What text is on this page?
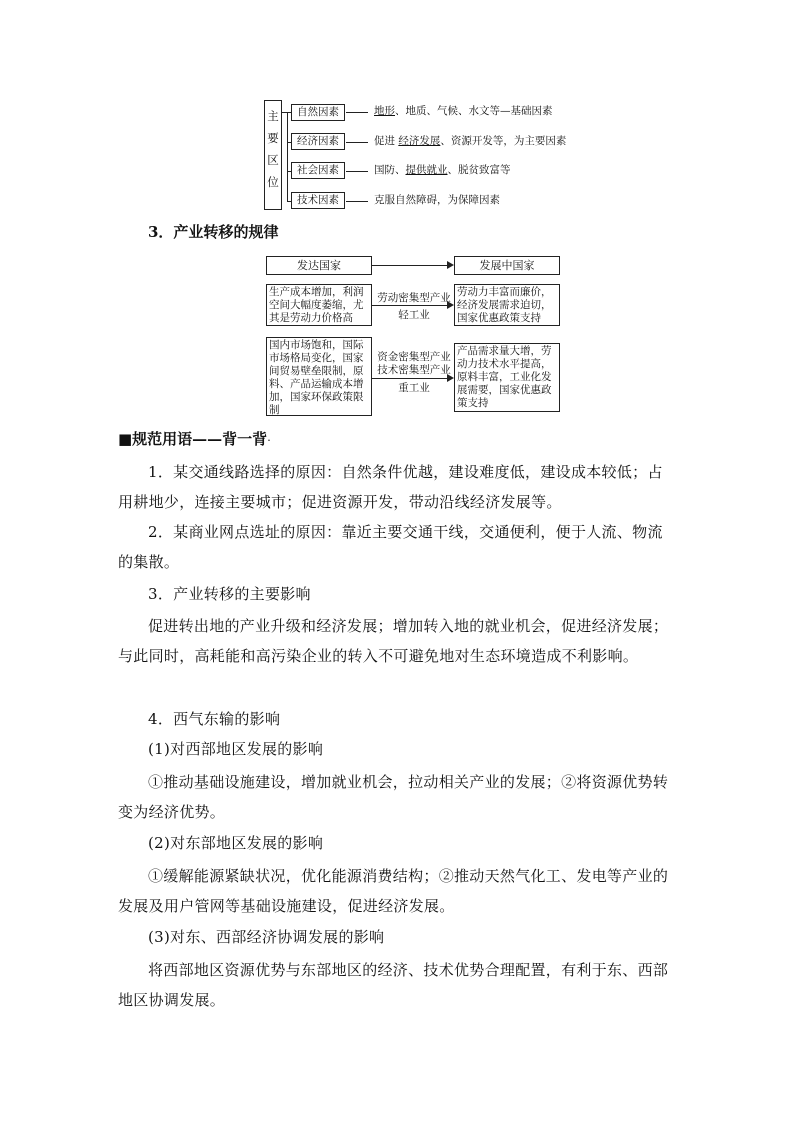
主
要
区
位
自然因素	地形、地质、气候、水文等—基础因素
经济因素	促进 经济发展、资源开发等，为主要因素
社会因素	国防、提供就业、脱贫致富等
技术因素	克服自然障碍，为保障因素
3．产业转移的规律
发达国家	发展中国家
生产成本增加，利润空间大幅度萎缩，尤其是劳动力价格高
劳动密集型产业
轻工业
劳动力丰富而廉价，经济发展需求迫切，国家优惠政策支持
国内市场饱和，国际市场格局变化，国家间贸易壁垒限制，原料、产品运输成本增加，国家环保政策限制
资金密集型产业
技术密集型产业
重工业
产品需求量大增，劳动力技术水平提高，原料丰富，工业化发展需要，国家优惠政策支持
■规范用语——背一背·
1．某交通线路选择的原因：自然条件优越，建设难度低，建设成本较低；占用耕地少，连接主要城市；促进资源开发，带动沿线经济发展等。
2．某商业网点选址的原因：靠近主要交通干线，交通便利，便于人流、物流的集散。
3．产业转移的主要影响
促进转出地的产业升级和经济发展；增加转入地的就业机会，促进经济发展；与此同时，高耗能和高污染企业的转入不可避免地对生态环境造成不利影响。
4．西气东输的影响
(1)对西部地区发展的影响
①推动基础设施建设，增加就业机会，拉动相关产业的发展；②将资源优势转变为经济优势。
(2)对东部地区发展的影响
①缓解能源紧缺状况，优化能源消费结构；②推动天然气化工、发电等产业的发展及用户管网等基础设施建设，促进经济发展。
(3)对东、西部经济协调发展的影响
将西部地区资源优势与东部地区的经济、技术优势合理配置，有利于东、西部地区协调发展。
